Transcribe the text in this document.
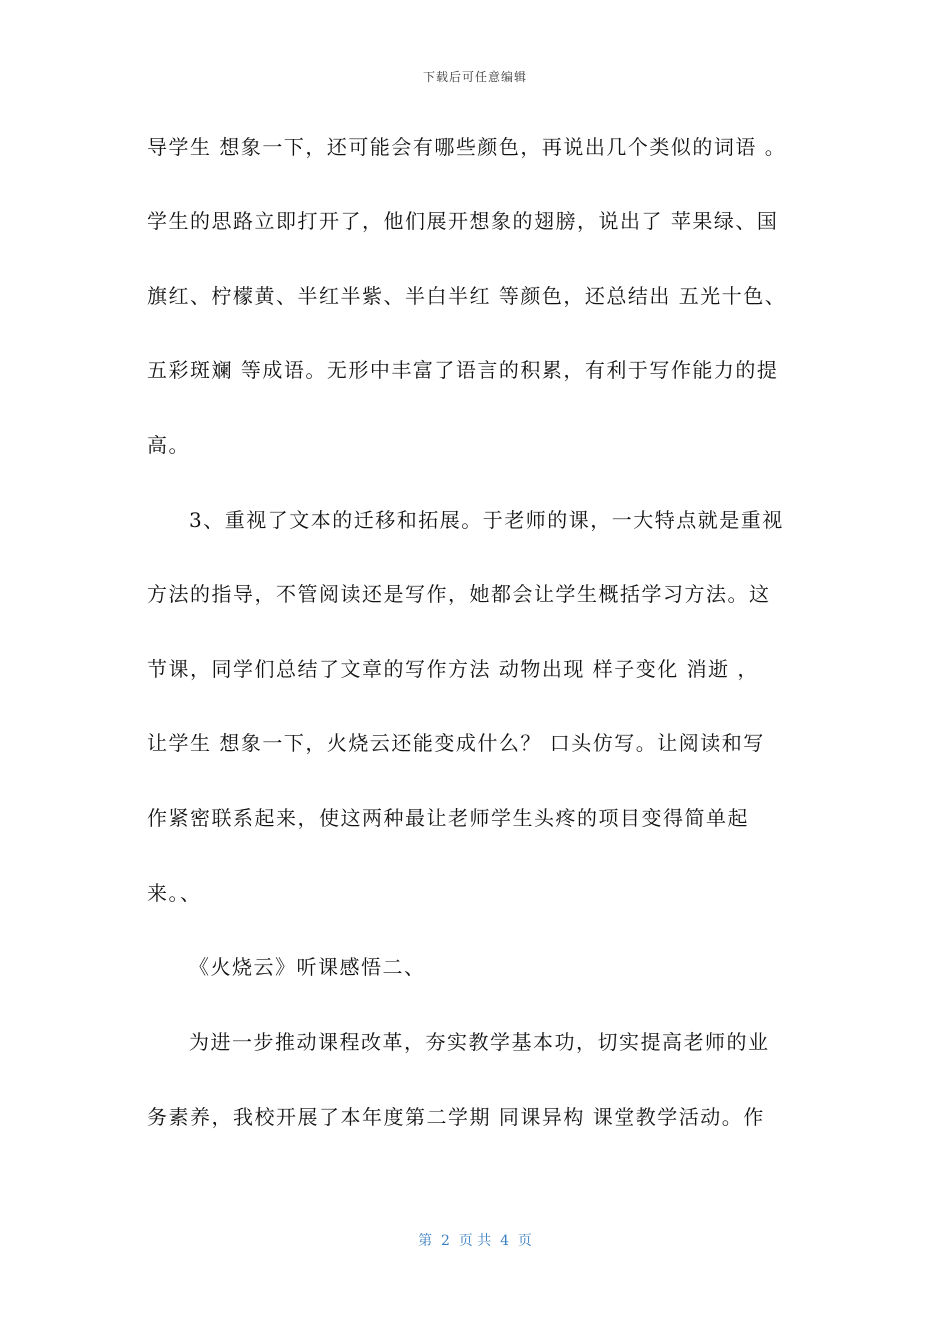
下载后可任意编辑
导学生 想象一下，还可能会有哪些颜色，再说出几个类似的词语 。
学生的思路立即打开了，他们展开想象的翅膀，说出了 苹果绿、国
旗红、柠檬黄、半红半紫、半白半红 等颜色，还总结出 五光十色、
五彩斑斓 等成语。无形中丰富了语言的积累，有利于写作能力的提
高。
3、重视了文本的迁移和拓展。于老师的课，一大特点就是重视
方法的指导，不管阅读还是写作，她都会让学生概括学习方法。这
节课，同学们总结了文章的写作方法 动物出现 样子变化 消逝 ，
让学生 想象一下，火烧云还能变成什么？ 口头仿写。让阅读和写
作紧密联系起来，使这两种最让老师学生头疼的项目变得简单起
来。、
《火烧云》听课感悟二、
为进一步推动课程改革，夯实教学基本功，切实提高老师的业
务素养，我校开展了本年度第二学期 同课异构 课堂教学活动。作
第  2  页 共  4  页
